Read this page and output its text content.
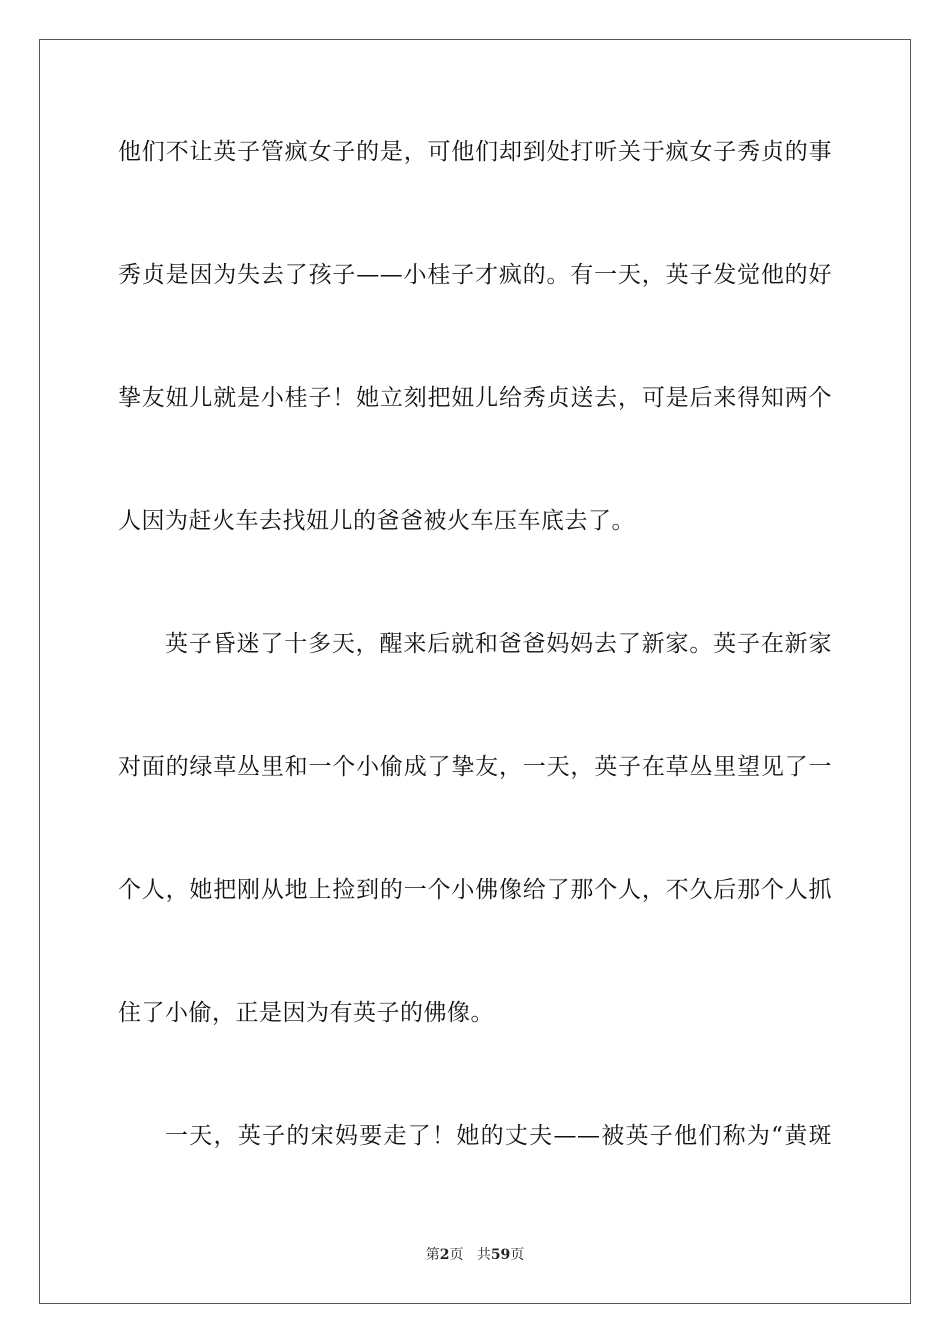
他们不让英子管疯女子的是，可他们却到处打听关于疯女子秀贞的事
秀贞是因为失去了孩子——小桂子才疯的。有一天，英子发觉他的好
挚友妞儿就是小桂子！她立刻把妞儿给秀贞送去，可是后来得知两个
人因为赶火车去找妞儿的爸爸被火车压车底去了。
英子昏迷了十多天，醒来后就和爸爸妈妈去了新家。英子在新家
对面的绿草丛里和一个小偷成了挚友，一天，英子在草丛里望见了一
个人，她把刚从地上捡到的一个小佛像给了那个人，不久后那个人抓
住了小偷，正是因为有英子的佛像。
一天，英子的宋妈要走了！她的丈夫——被英子他们称为“黄斑
第2页 共59页
